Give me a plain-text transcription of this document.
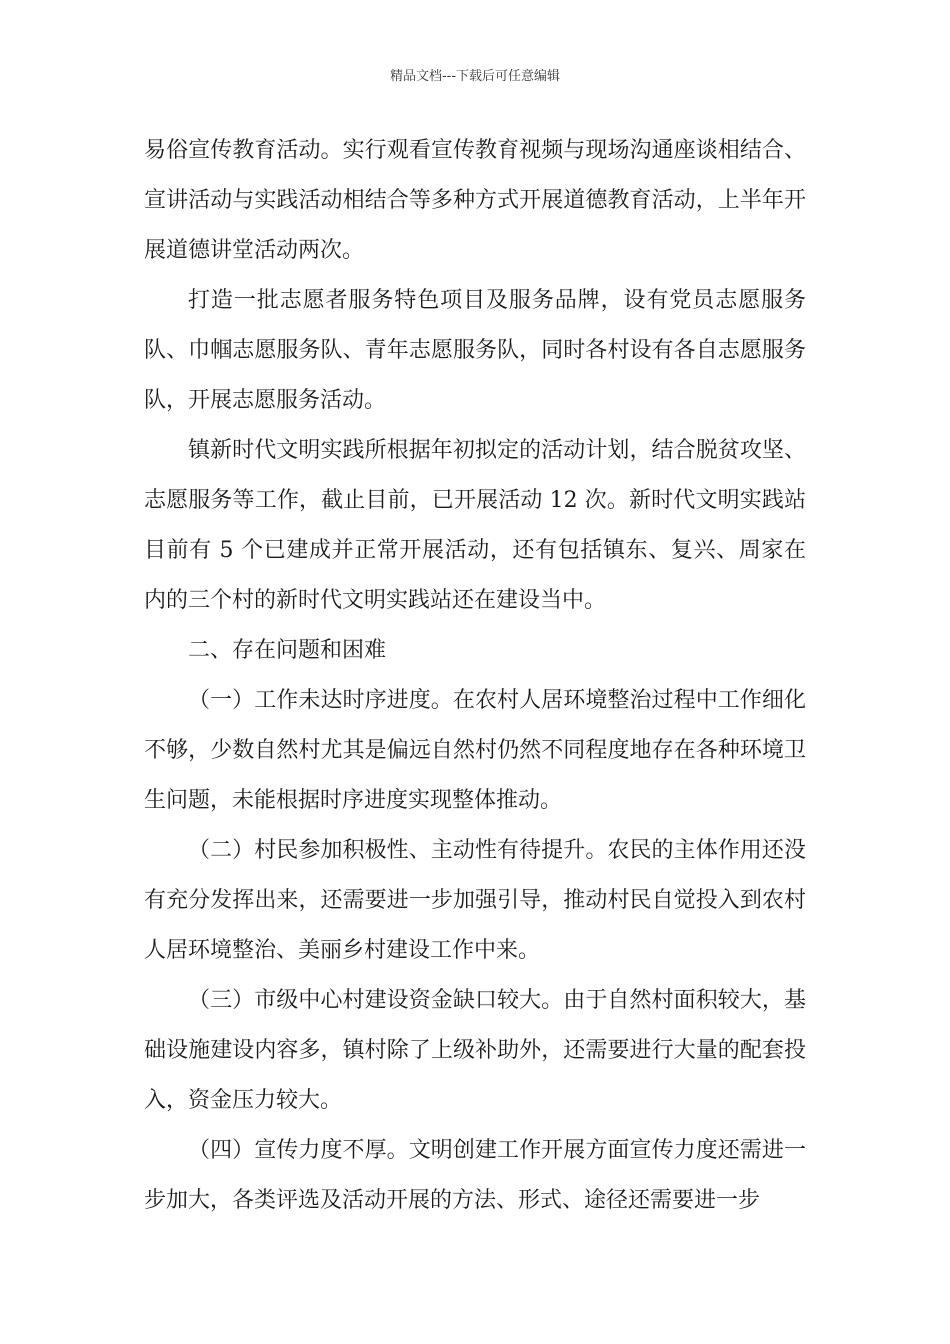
精品文档---下载后可任意编辑

易俗宣传教育活动。实行观看宣传教育视频与现场沟通座谈相结合、宣讲活动与实践活动相结合等多种方式开展道德教育活动，上半年开展道德讲堂活动两次。

打造一批志愿者服务特色项目及服务品牌，设有党员志愿服务队、巾帼志愿服务队、青年志愿服务队，同时各村设有各自志愿服务队，开展志愿服务活动。

镇新时代文明实践所根据年初拟定的活动计划，结合脱贫攻坚、志愿服务等工作，截止目前，已开展活动 12 次。新时代文明实践站目前有 5 个已建成并正常开展活动，还有包括镇东、复兴、周家在内的三个村的新时代文明实践站还在建设当中。

二、存在问题和困难

（一）工作未达时序进度。在农村人居环境整治过程中工作细化不够，少数自然村尤其是偏远自然村仍然不同程度地存在各种环境卫生问题，未能根据时序进度实现整体推动。

（二）村民参加积极性、主动性有待提升。农民的主体作用还没有充分发挥出来，还需要进一步加强引导，推动村民自觉投入到农村人居环境整治、美丽乡村建设工作中来。

（三）市级中心村建设资金缺口较大。由于自然村面积较大，基础设施建设内容多，镇村除了上级补助外，还需要进行大量的配套投入，资金压力较大。

（四）宣传力度不厚。文明创建工作开展方面宣传力度还需进一步加大，各类评选及活动开展的方法、形式、途径还需要进一步
